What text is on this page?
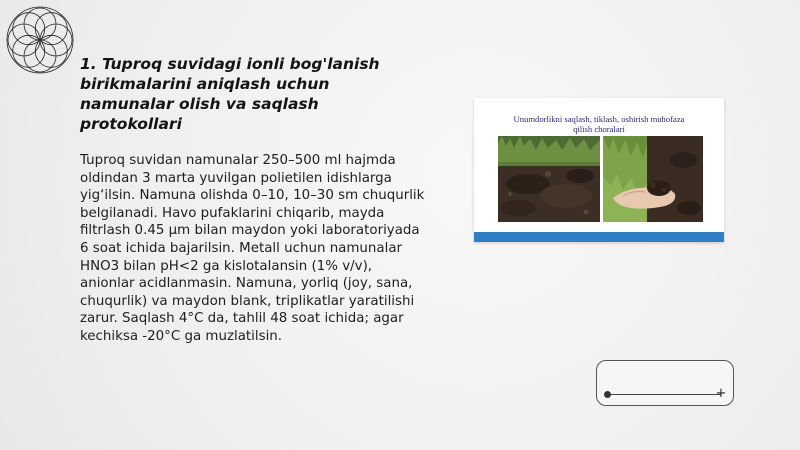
1. Tuproq suvidagi ionli bog'lanish birikmalarini aniqlash uchun namunalar olish va saqlash protokollari

Tuproq suvidan namunalar 250–500 ml hajmda oldindan 3 marta yuvilgan polietilen idishlarga yig‘ilsin. Namuna olishda 0–10, 10–30 sm chuqurlik belgilanadi. Havo pufaklarini chiqarib, mayda filtrlash 0.45 µm bilan maydon yoki laboratoriyada 6 soat ichida bajarilsin. Metall uchun namunalar HNO3 bilan pH<2 ga kislotalansin (1% v/v), anionlar acidlanmasin. Namuna, yorliq (joy, sana, chuqurlik) va maydon blank, triplikatlar yaratilishi zarur. Saqlash 4°C da, tahlil 48 soat ichida; agar kechiksa -20°C ga muzlatilsin.

Unumdorlikni saqlash, tiklash, oshirish muhofaza
qilish choralari
+
